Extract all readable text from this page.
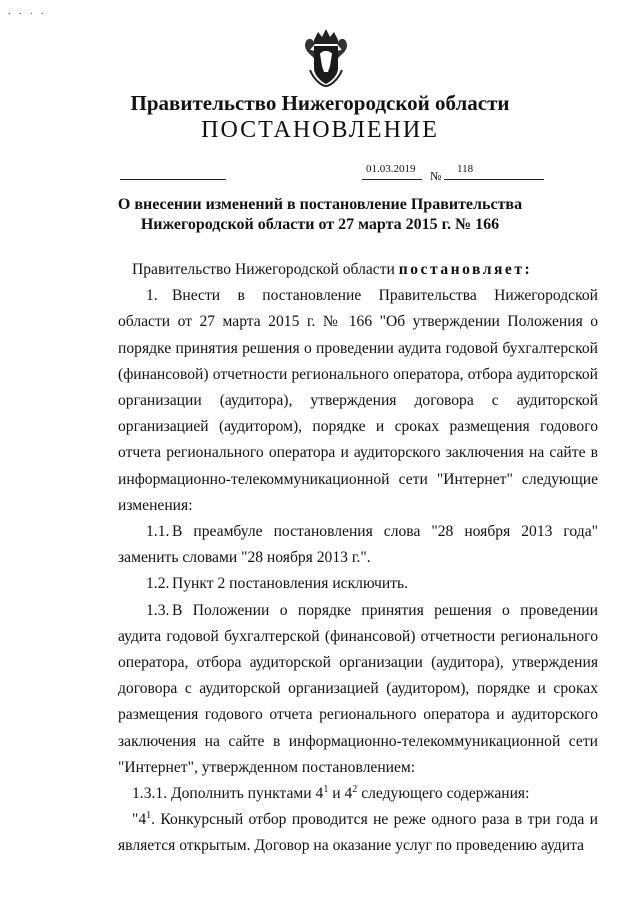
. . . .
Правительство Нижегородской области
ПОСТАНОВЛЕНИЕ
01.03.2019 № 118
О внесении изменений в постановление Правительства
Нижегородской области от 27 марта 2015 г. № 166

Правительство Нижегородской области постановляет:

1. Внести в постановление Правительства Нижегородской области от 27 марта 2015 г. № 166 "Об утверждении Положения о порядке принятия решения о проведении аудита годовой бухгалтерской (финансовой) отчетности регионального оператора, отбора аудиторской организации (аудитора), утверждения договора с аудиторской организацией (аудитором), порядке и сроках размещения годового отчета регионального оператора и аудиторского заключения на сайте в информационно-телекоммуникационной сети "Интернет" следующие изменения:

1.1. В преамбуле постановления слова "28 ноября 2013 года" заменить словами "28 ноября 2013 г.".

1.2. Пункт 2 постановления исключить.

1.3. В Положении о порядке принятия решения о проведении аудита годовой бухгалтерской (финансовой) отчетности регионального оператора, отбора аудиторской организации (аудитора), утверждения договора с аудиторской организацией (аудитором), порядке и сроках размещения годового отчета регионального оператора и аудиторского заключения на сайте в информационно-телекоммуникационной сети "Интернет", утвержденном постановлением:

1.3.1. Дополнить пунктами $4^1$ и $4^2$ следующего содержания:

"$4^1$. Конкурсный отбор проводится не реже одного раза в три года и является открытым. Договор на оказание услуг по проведению аудита
